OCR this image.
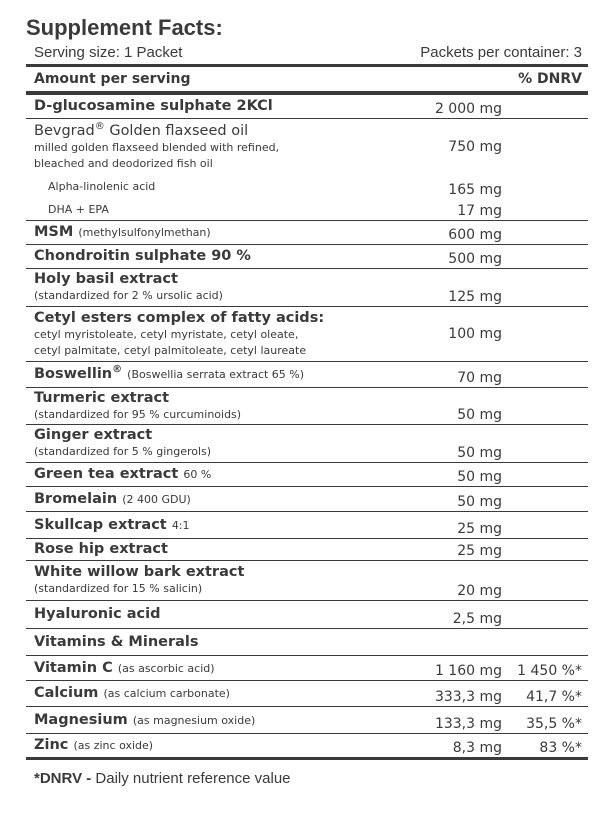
Supplement Facts:
Serving size: 1 Packet	Packets per container: 3
Amount per serving	% DNRV
D-glucosamine sulphate 2KCl	2 000 mg
Bevgrad® Golden flaxseed oil
milled golden flaxseed blended with refined,
bleached and deodorized fish oil
750 mg
Alpha-linolenic acid	165 mg
DHA + EPA	17 mg
MSM (methylsulfonylmethan)	600 mg
Chondroitin sulphate 90 %	500 mg
Holy basil extract
(standardized for 2 % ursolic acid)	125 mg
Cetyl esters complex of fatty acids:
cetyl myristoleate, cetyl myristate, cetyl oleate,
cetyl palmitate, cetyl palmitoleate, cetyl laureate
100 mg
Boswellin® (Boswellia serrata extract 65 %)	70 mg
Turmeric extract
(standardized for 95 % curcuminoids)	50 mg
Ginger extract
(standardized for 5 % gingerols)	50 mg
Green tea extract 60 %	50 mg
Bromelain (2 400 GDU)	50 mg
Skullcap extract 4:1	25 mg
Rose hip extract	25 mg
White willow bark extract
(standardized for 15 % salicin)	20 mg
Hyaluronic acid	2,5 mg
Vitamins & Minerals
Vitamin C (as ascorbic acid)	1 160 mg	1 450 %*
Calcium (as calcium carbonate)	333,3 mg	41,7 %*
Magnesium (as magnesium oxide)	133,3 mg	35,5 %*
Zinc (as zinc oxide)	8,3 mg	83 %*
*DNRV - Daily nutrient reference value
